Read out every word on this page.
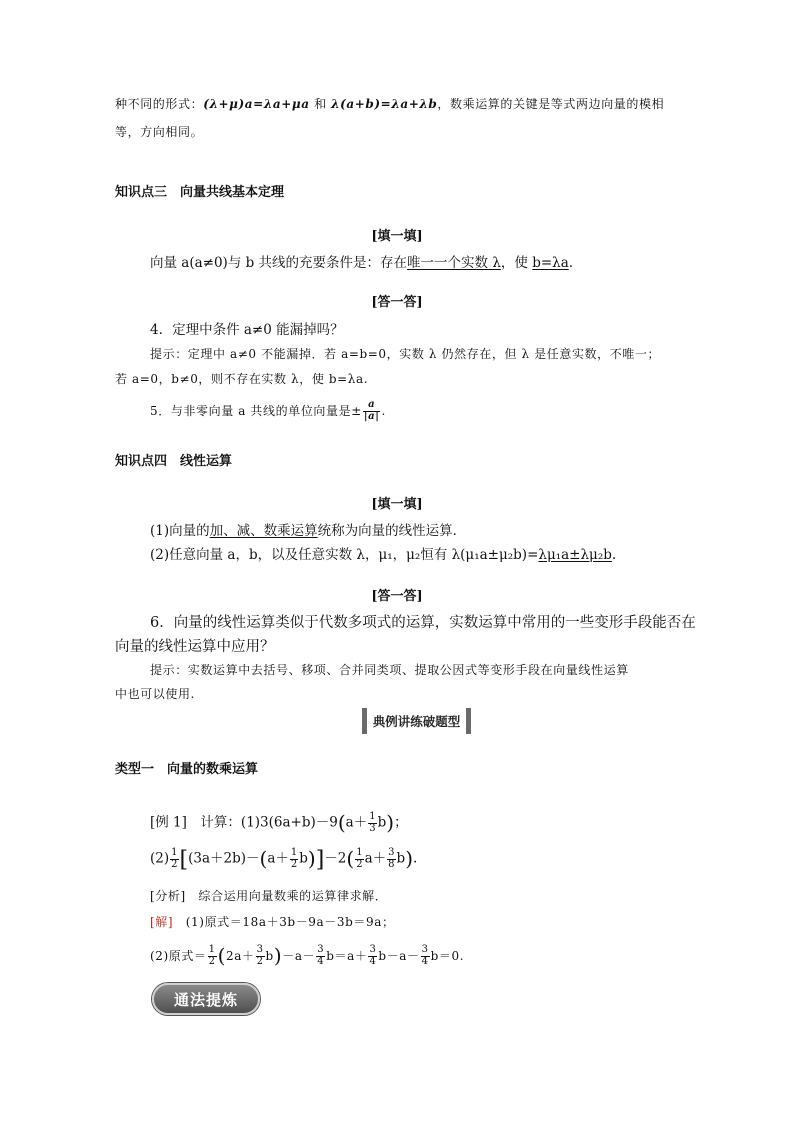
种不同的形式：(λ+μ)a=λa+μa 和 λ(a+b)=λa+λb，数乘运算的关键是等式两边向量的模相
等，方向相同。
知识点三　向量共线基本定理
[填一填]
向量 a(a≠0)与 b 共线的充要条件是：存在唯一一个实数 λ，使 b=λa.
[答一答]
4．定理中条件 a≠0 能漏掉吗？
提示：定理中 a≠0 不能漏掉．若 a=b=0，实数 λ 仍然存在，但 λ 是任意实数，不唯一；
若 a=0，b≠0，则不存在实数 λ，使 b=λa.
5．与非零向量 a 共线的单位向量是± $\frac{a}{|a|}$ .
知识点四　线性运算
[填一填]
(1)向量的加、减、数乘运算统称为向量的线性运算．
(2)任意向量 a，b，以及任意实数 λ，μ₁，μ₂恒有 λ(μ₁a±μ₂b)=λμ₁a±λμ₂b.
[答一答]
6．向量的线性运算类似于代数多项式的运算，实数运算中常用的一些变形手段能否在
向量的线性运算中应用？
提示：实数运算中去括号、移项、合并同类项、提取公因式等变形手段在向量线性运算
中也可以使用.
典例讲练破题型
类型一　向量的数乘运算
[例 1]　计算：$(1)3(6a+b)-9(a+ \frac{1}{3} b)$；
$(2) \frac{1}{2} [(3a+2b)-(a+ \frac{1}{2} b)]-2( \frac{1}{2} a+ \frac{3}{8} b)$.
[分析]　综合运用向量数乘的运算律求解．
[解]　(1)原式＝18a＋3b－9a－3b＝9a；
(2)原式＝ $\frac{1}{2} (2a+ \frac{3}{2} b)-a- \frac{3}{4} b=a+ \frac{3}{4} b-a- \frac{3}{4} b=0$.
通法提炼
